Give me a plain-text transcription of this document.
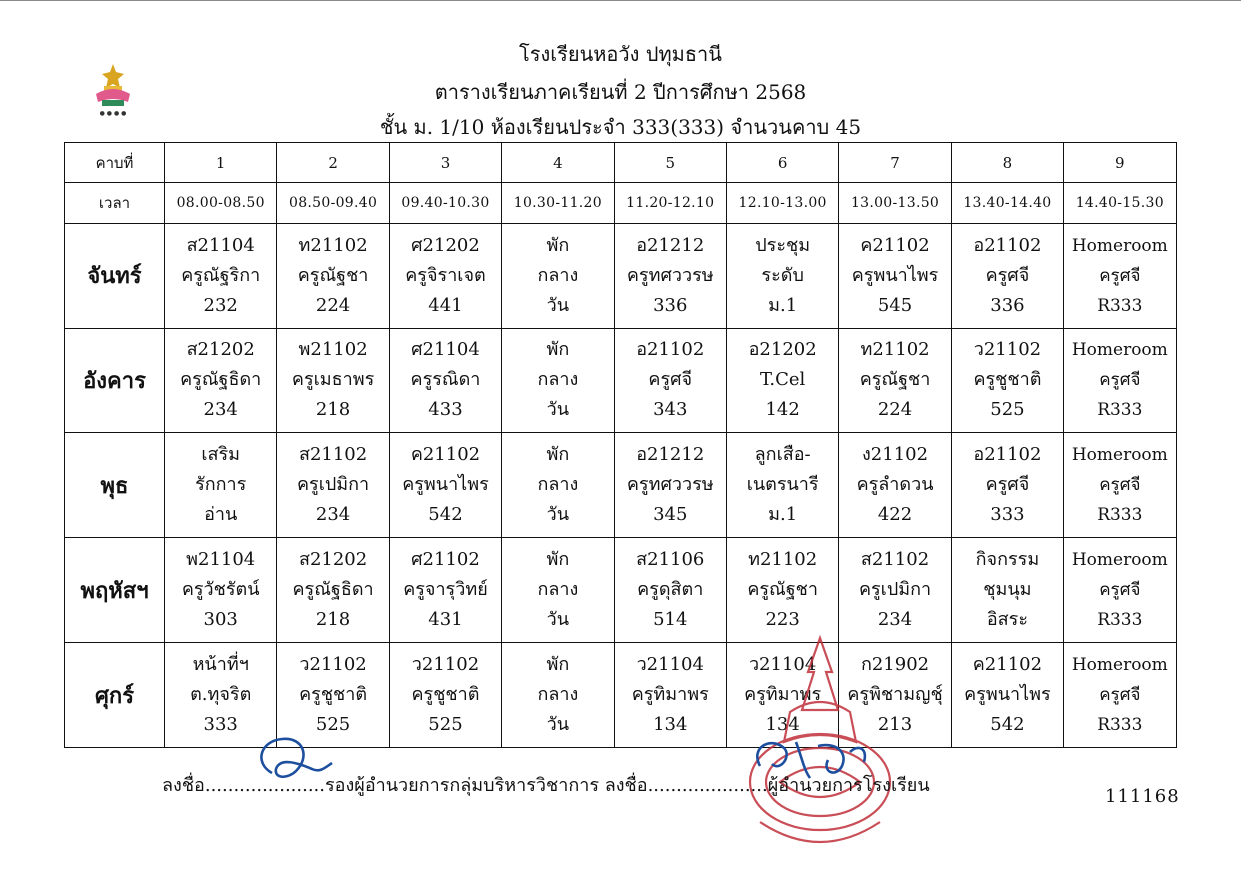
● ● ● ●
โรงเรียนหอวัง ปทุมธานี
ตารางเรียนภาคเรียนที่ 2 ปีการศึกษา 2568
ชั้น ม. 1/10 ห้องเรียนประจำ 333(333) จำนวนคาบ 45
คาบที่	1	2	3	4	5	6	7	8	9
เวลา	08.00-08.50	08.50-09.40	09.40-10.30	10.30-11.20	11.20-12.10	12.10-13.00	13.00-13.50	13.40-14.40	14.40-15.30
จันทร์	ส21104
ครูณัฐริกา
232	ท21102
ครูณัฐชา
224	ศ21202
ครูจิราเจต
441	พัก
กลาง
วัน	อ21212
ครูทศววรษ
336	ประชุม
ระดับ
ม.1	ค21102
ครูพนาไพร
545	อ21102
ครูศจี
336	Homeroom
ครูศจี
R333

อังคาร	ส21202
ครูณัฐธิดา
234	พ21102
ครูเมธาพร
218	ศ21104
ครูรณิดา
433	พัก
กลาง
วัน	อ21102
ครูศจี
343	อ21202
T.Cel
142	ท21102
ครูณัฐชา
224	ว21102
ครูชูชาติ
525	Homeroom
ครูศจี
R333

พุธ	เสริม
รักการ
อ่าน	ส21102
ครูเปมิกา
234	ค21102
ครูพนาไพร
542	พัก
กลาง
วัน	อ21212
ครูทศววรษ
345	ลูกเสือ-
เนตรนารี
ม.1	ง21102
ครูลำดวน
422	อ21102
ครูศจี
333	Homeroom
ครูศจี
R333

พฤหัสฯ	พ21104
ครูวัชรัตน์
303	ส21202
ครูณัฐธิดา
218	ศ21102
ครูจารุวิทย์
431	พัก
กลาง
วัน	ส21106
ครูดุสิตา
514	ท21102
ครูณัฐชา
223	ส21102
ครูเปมิกา
234	กิจกรรม
ชุมนุม
อิสระ	Homeroom
ครูศจี
R333

ศุกร์	หน้าที่ฯ
ต.ทุจริต
333	ว21102
ครูชูชาติ
525	ว21102
ครูชูชาติ
525	พัก
กลาง
วัน	ว21104
ครูทิมาพร
134	ว21104
ครูทิมาพร
134	ก21902
ครูพิชามญชุ์
213	ค21102
ครูพนาไพร
542	Homeroom
ครูศจี
R333
ลงชื่อ.....................รองผู้อำนวยการกลุ่มบริหารวิชาการ ลงชื่อ.....................ผู้อำนวยการโรงเรียน
111168
